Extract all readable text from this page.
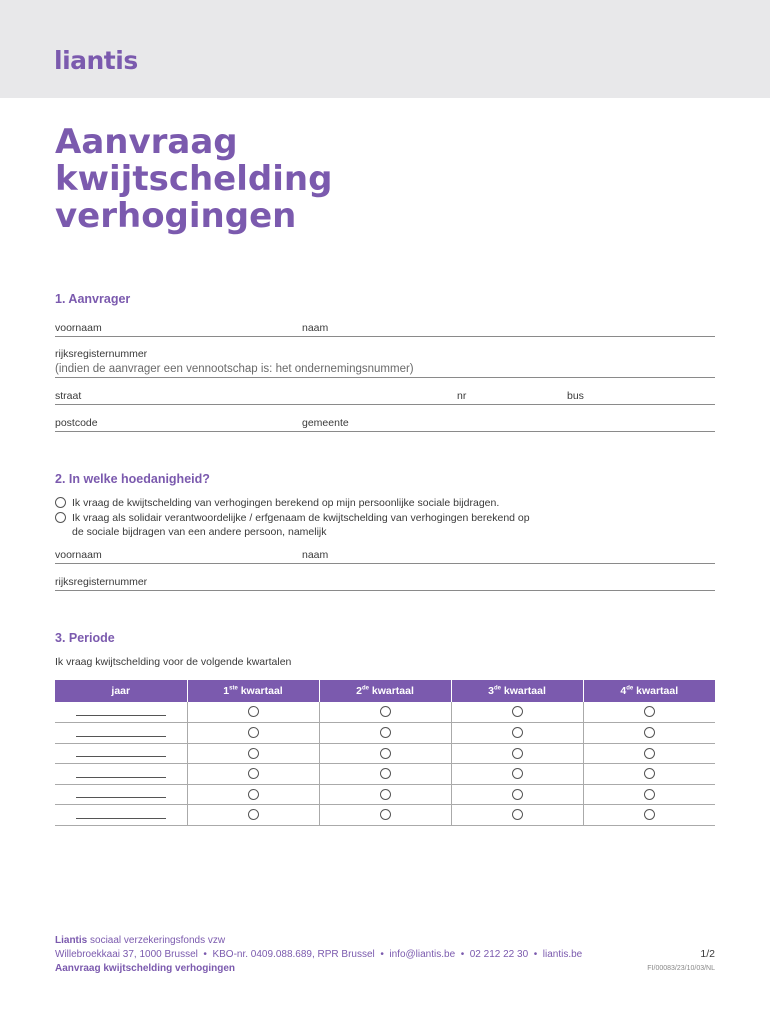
liantis
Aanvraag
kwijtschelding
verhogingen
1. Aanvrager
voornaam	naam
rijksregisternummer
(indien de aanvrager een vennootschap is: het ondernemingsnummer)
straat	nr	bus
postcode	gemeente
2. In welke hoedanigheid?
Ik vraag de kwijtschelding van verhogingen berekend op mijn persoonlijke sociale bijdragen.
Ik vraag als solidair verantwoordelijke / erfgenaam de kwijtschelding van verhogingen berekend op
de sociale bijdragen van een andere persoon, namelijk
voornaam	naam
rijksregisternummer
3. Periode
Ik vraag kwijtschelding voor de volgende kwartalen
jaar	1ste kwartaal	2de kwartaal	3de kwartaal	4de kwartaal

Liantis sociaal verzekeringsfonds vzw
Willebroekkaai 37, 1000 Brussel  •  KBO-nr. 0409.088.689, RPR Brussel  •  info@liantis.be  •  02 212 22 30  •  liantis.be
Aanvraag kwijtschelding verhogingen
1/2
FI/00083/23/10/03/NL
